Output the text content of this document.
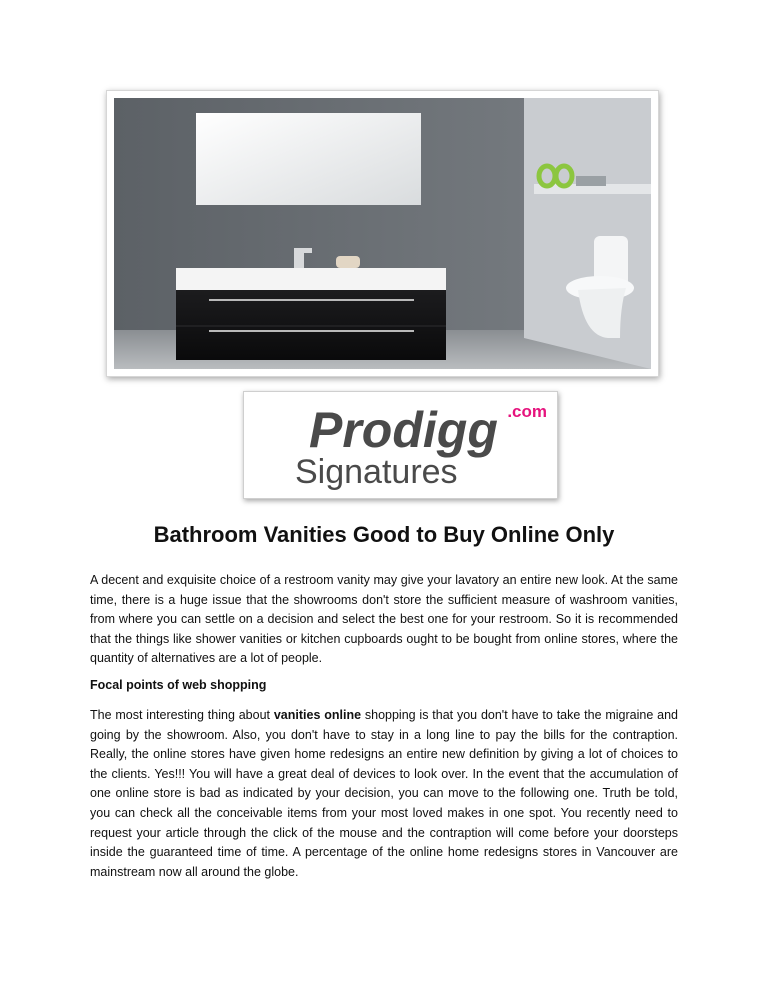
Prodigg .com
Signatures
Bathroom Vanities Good to Buy Online Only

A decent and exquisite choice of a restroom vanity may give your lavatory an entire new look. At the same time, there is a huge issue that the showrooms don't store the sufficient measure of washroom vanities, from where you can settle on a decision and select the best one for your restroom. So it is recommended that the things like shower vanities or kitchen cupboards ought to be bought from online stores, where the quantity of alternatives are a lot of people.

Focal points of web shopping

The most interesting thing about vanities online shopping is that you don't have to take the migraine and going by the showroom. Also, you don't have to stay in a long line to pay the bills for the contraption. Really, the online stores have given home redesigns an entire new definition by giving a lot of choices to the clients. Yes!!! You will have a great deal of devices to look over. In the event that the accumulation of one online store is bad as indicated by your decision, you can move to the following one. Truth be told, you can check all the conceivable items from your most loved makes in one spot. You recently need to request your article through the click of the mouse and the contraption will come before your doorsteps inside the guaranteed time of time. A percentage of the online home redesigns stores in Vancouver are mainstream now all around the globe.
